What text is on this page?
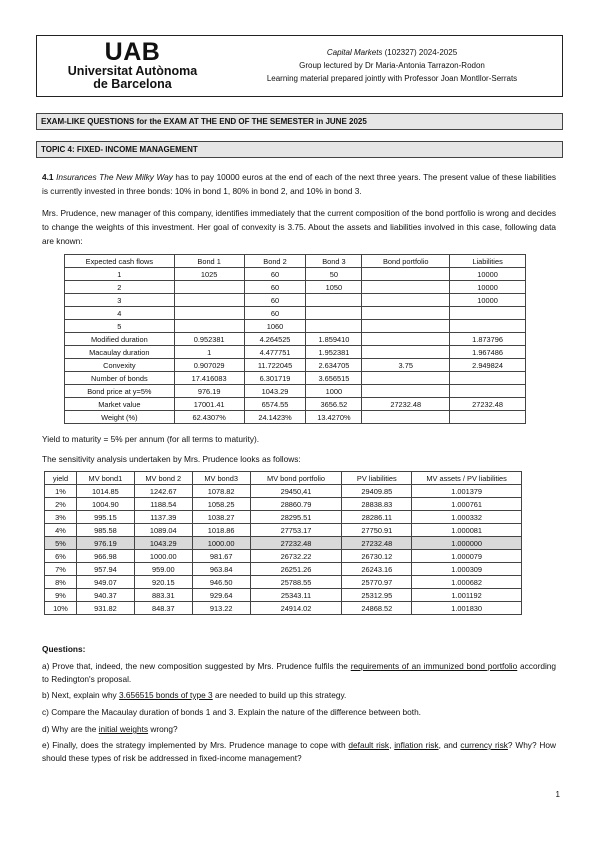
UAB
Universitat Autònoma
de Barcelona
Capital Markets (102327) 2024-2025
Group lectured by Dr Maria-Antonia Tarrazon-Rodon
Learning material prepared jointly with Professor Joan Montllor-Serrats
EXAM-LIKE QUESTIONS for the EXAM AT THE END OF THE SEMESTER in JUNE 2025
TOPIC 4: FIXED- INCOME MANAGEMENT

4.1 Insurances The New Milky Way has to pay 10000 euros at the end of each of the next three years. The present value of these liabilities is currently invested in three bonds: 10% in bond 1, 80% in bond 2, and 10% in bond 3.

Mrs. Prudence, new manager of this company, identifies immediately that the current composition of the bond portfolio is wrong and decides to change the weights of this investment. Her goal of convexity is 3.75. About the assets and liabilities involved in this case, following data are known:

Expected cash flows	Bond 1	Bond 2	Bond 3	Bond portfolio	Liabilities
1	1025	60	50		10000
2		60	1050		10000
3		60			10000
4		60			
5		1060			
Modified duration	0.952381	4.264525	1.859410		1.873796
Macaulay duration	1	4.477751	1.952381		1.967486
Convexity	0.907029	11.722045	2.634705	3.75	2.949824
Number of bonds	17.416083	6.301719	3.656515		
Bond price at y=5%	976.19	1043.29	1000		
Market value	17001.41	6574.55	3656.52	27232.48	27232.48
Weight (%)	62.4307%	24.1423%	13.4270%		

Yield to maturity = 5% per annum (for all terms to maturity).

The sensitivity analysis undertaken by Mrs. Prudence looks as follows:

yield	MV bond1	MV bond 2	MV bond3	MV bond portfolio	PV liabilities	MV assets / PV liabilities
1%	1014.85	1242.67	1078.82	29450,41	29409.85	1.001379
2%	1004.90	1188.54	1058.25	28860.79	28838.83	1.000761
3%	995.15	1137.39	1038.27	28295.51	28286.11	1.000332
4%	985.58	1089.04	1018.86	27753.17	27750.91	1.000081
5%	976.19	1043.29	1000.00	27232.48	27232.48	1.000000
6%	966.98	1000.00	981.67	26732.22	26730.12	1.000079
7%	957.94	959.00	963.84	26251.26	26243.16	1.000309
8%	949.07	920.15	946.50	25788.55	25770.97	1.000682
9%	940.37	883.31	929.64	25343.11	25312.95	1.001192
10%	931.82	848.37	913.22	24914.02	24868.52	1.001830

Questions:

a) Prove that, indeed, the new composition suggested by Mrs. Prudence fulfils the requirements of an immunized bond portfolio according to Redington's proposal.

b) Next, explain why 3.656515 bonds of type 3 are needed to build up this strategy.

c) Compare the Macaulay duration of bonds 1 and 3. Explain the nature of the difference between both.

d) Why are the initial weights wrong?

e) Finally, does the strategy implemented by Mrs. Prudence manage to cope with default risk, inflation risk, and currency risk? Why? How should these types of risk be addressed in fixed-income management?

1
